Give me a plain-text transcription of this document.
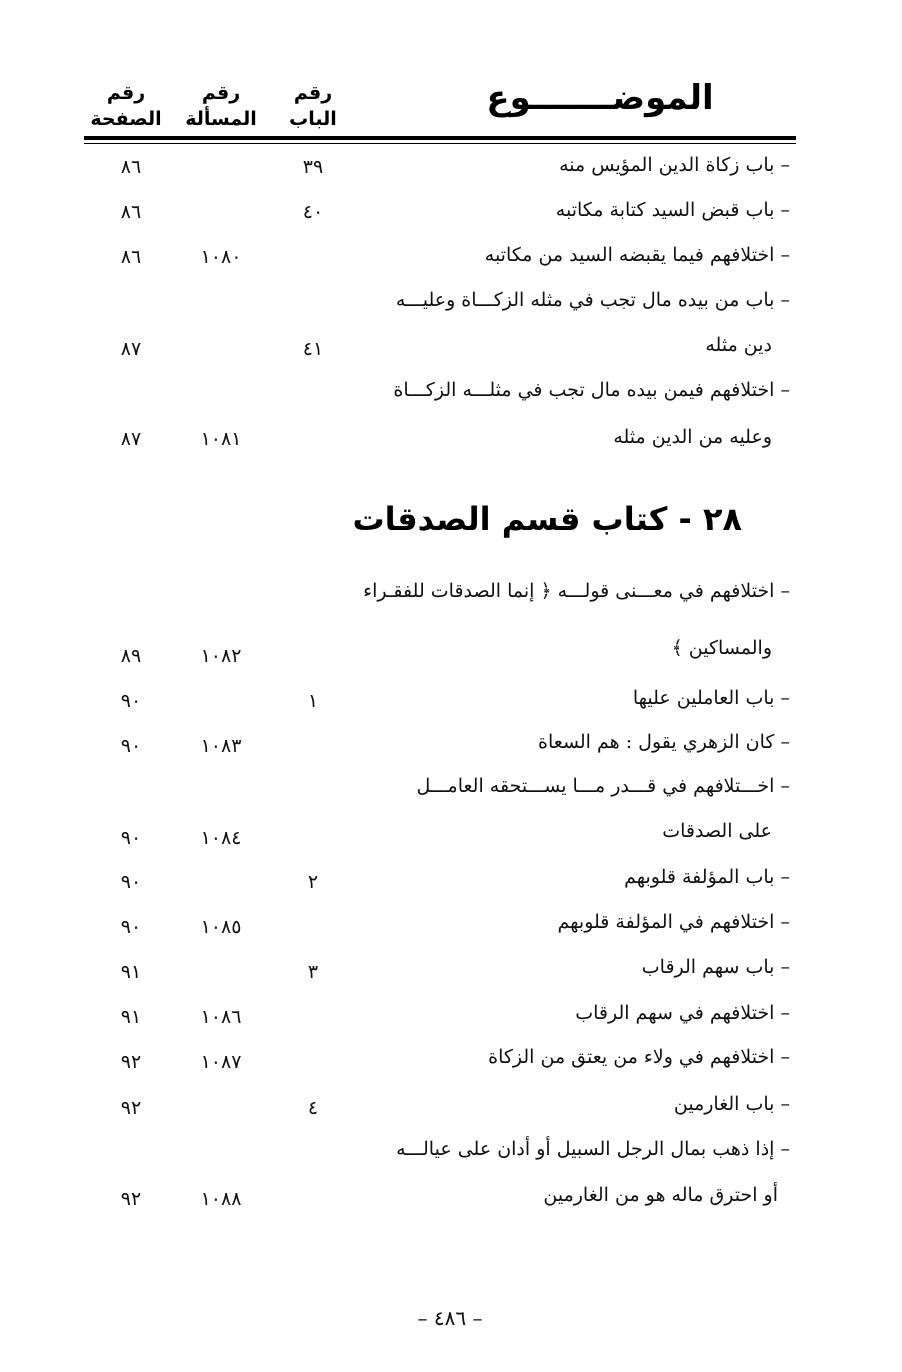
الموضـــــــوع
رقم
الباب
رقم
المسألة
رقم
الصفحة
– باب زكاة الدين المؤيس منه
٣٩
٨٦
– باب قبض السيد كتابة مكاتبه
٤٠
٨٦
– اختلافهم فيما يقبضه السيد من مكاتبه
١٠٨٠
٨٦
– باب من بيده مال تجب في مثله الزكـــاة وعليـــه
دين مثله
٤١
٨٧
– اختلافهم فيمن بيده مال تجب في مثلـــه الزكـــاة
وعليه من الدين مثله
١٠٨١
٨٧
٢٨ - كتاب قسم الصدقات
– اختلافهم في معـــنى قولـــه ﴿ إنما الصدقات للفقـراء
والمساكين ﴾
١٠٨٢
٨٩
– باب العاملين عليها
١
٩٠
– كان الزهري يقول : هم السعاة
١٠٨٣
٩٠
– اخـــتلافهم في قـــدر مـــا يســـتحقه العامـــل
على الصدقات
١٠٨٤
٩٠
– باب المؤلفة قلوبهم
٢
٩٠
– اختلافهم في المؤلفة قلوبهم
١٠٨٥
٩٠
– باب سهم الرقاب
٣
٩١
– اختلافهم في سهم الرقاب
١٠٨٦
٩١
– اختلافهم في ولاء من يعتق من الزكاة
١٠٨٧
٩٢
– باب الغارمين
٤
٩٢
– إذا ذهب بمال الرجل السبيل أو أدان على عيالـــه
أو احترق ماله هو من الغارمين
١٠٨٨
٩٢
– ٤٨٦ –
